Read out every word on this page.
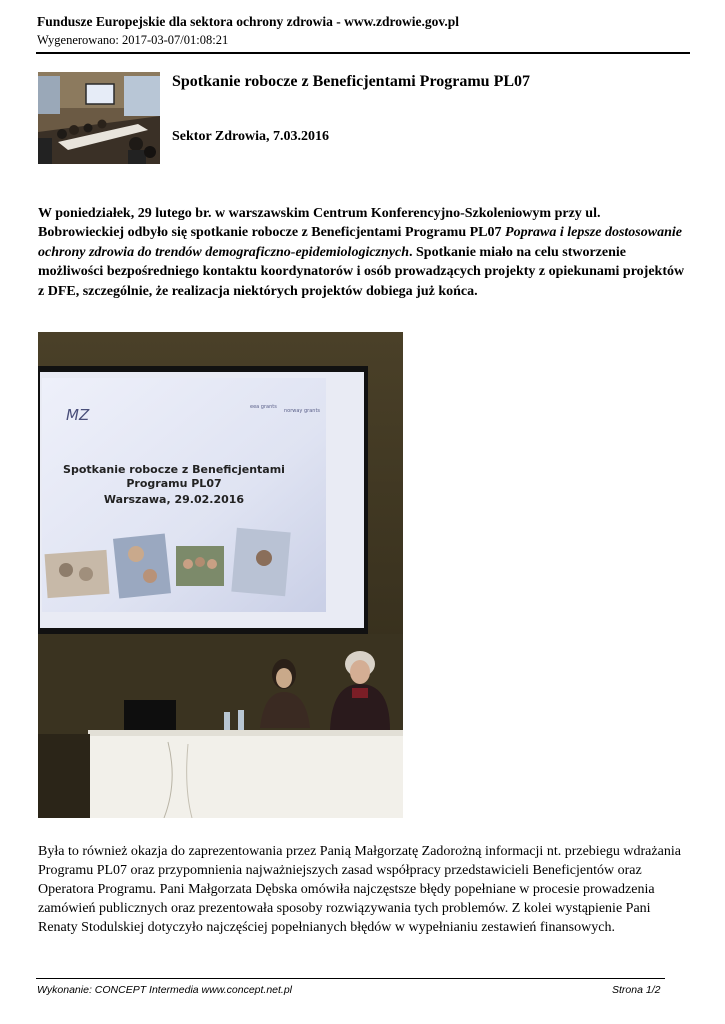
Fundusze Europejskie dla sektora ochrony zdrowia - www.zdrowie.gov.pl
Wygenerowano: 2017-03-07/01:08:21
Spotkanie robocze z Beneficjentami Programu PL07
Sektor Zdrowia, 7.03.2016
W poniedziałek, 29 lutego br. w warszawskim Centrum Konferencyjno-Szkoleniowym przy ul. Bobrowieckiej odbyło się spotkanie robocze z Beneficjentami Programu PL07 Poprawa i lepsze dostosowanie ochrony zdrowia do trendów demograficzno-epidemiologicznych. Spotkanie miało na celu stworzenie możliwości bezpośredniego kontaktu koordynatorów i osób prowadzących projekty z opiekunami projektów z DFE, szczególnie, że realizacja niektórych projektów dobiega już końca.
MZ	eea grants
norway grants
Spotkanie robocze z Beneficjentami
Programu PL07
Warszawa, 29.02.2016
Była to również okazja do zaprezentowania przez Panią Małgorzatę Zadorożną informacji nt. przebiegu wdrażania Programu PL07 oraz przypomnienia najważniejszych zasad współpracy przedstawicieli Beneficjentów oraz Operatora Programu. Pani Małgorzata Dębska omówiła najczęstsze błędy popełniane w procesie prowadzenia zamówień publicznych oraz prezentowała sposoby rozwiązywania tych problemów. Z kolei wystąpienie Pani Renaty Stodulskiej dotyczyło najczęściej popełnianych błędów w wypełnianiu zestawień finansowych.
Wykonanie: CONCEPT Intermedia www.concept.net.pl	Strona 1/2
